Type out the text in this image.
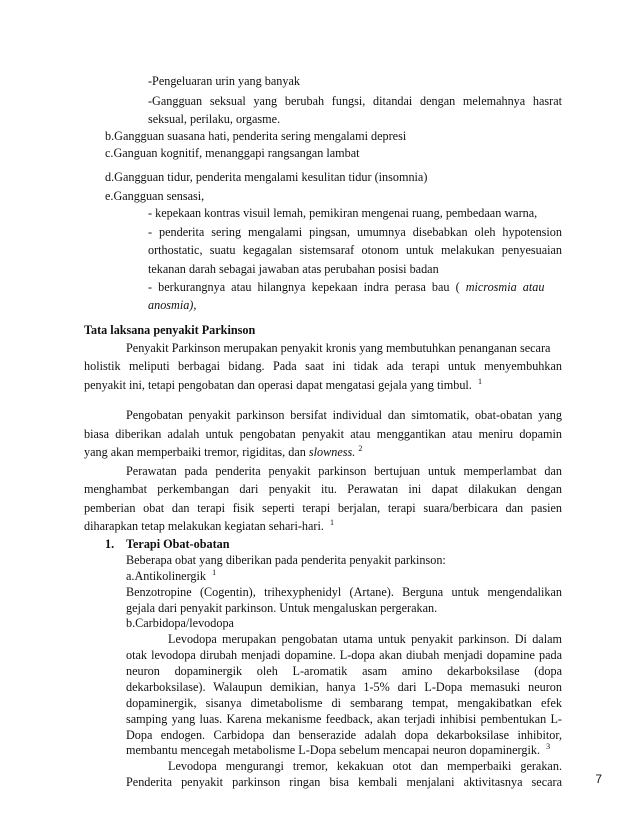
-Pengeluaran urin yang banyak
-Gangguan seksual yang berubah fungsi, ditandai dengan melemahnya hasrat
seksual, perilaku, orgasme.
b.Gangguan suasana hati, penderita sering mengalami depresi
c.Ganguan kognitif, menanggapi rangsangan lambat
d.Gangguan tidur, penderita mengalami kesulitan tidur (insomnia)
e.Gangguan sensasi,
- kepekaan kontras visuil lemah, pemikiran mengenai ruang, pembedaan warna,
- penderita sering mengalami pingsan, umumnya disebabkan oleh hypotension
orthostatic, suatu kegagalan sistemsaraf otonom untuk melakukan penyesuaian
tekanan darah sebagai jawaban atas perubahan posisi badan
- berkurangnya atau hilangnya kepekaan indra perasa bau ( microsmia atau
anosmia),
Tata laksana penyakit Parkinson
Penyakit Parkinson merupakan penyakit kronis yang membutuhkan penanganan secara
holistik meliputi berbagai bidang. Pada saat ini tidak ada terapi untuk menyembuhkan
penyakit ini, tetapi pengobatan dan operasi dapat mengatasi gejala yang timbul. $^1$
Pengobatan penyakit parkinson bersifat individual dan simtomatik, obat-obatan yang
biasa diberikan adalah untuk pengobatan penyakit atau menggantikan atau meniru dopamin
yang akan memperbaiki tremor, rigiditas, dan slowness. $^2$
Perawatan pada penderita penyakit parkinson bertujuan untuk memperlambat dan
menghambat perkembangan dari penyakit itu. Perawatan ini dapat dilakukan dengan
pemberian obat dan terapi fisik seperti terapi berjalan, terapi suara/berbicara dan pasien
diharapkan tetap melakukan kegiatan sehari-hari. $^1$
1. Terapi Obat-obatan
Beberapa obat yang diberikan pada penderita penyakit parkinson:
a.Antikolinergik $^1$
Benzotropine (Cogentin), trihexyphenidyl (Artane). Berguna untuk mengendalikan
gejala dari penyakit parkinson. Untuk mengaluskan pergerakan.
b.Carbidopa/levodopa
Levodopa merupakan pengobatan utama untuk penyakit parkinson. Di dalam
otak levodopa dirubah menjadi dopamine. L-dopa akan diubah menjadi dopamine pada
neuron dopaminergik oleh L-aromatik asam amino dekarboksilase (dopa
dekarboksilase). Walaupun demikian, hanya 1-5% dari L-Dopa memasuki neuron
dopaminergik, sisanya dimetabolisme di sembarang tempat, mengakibatkan efek
samping yang luas. Karena mekanisme feedback, akan terjadi inhibisi pembentukan L-
Dopa endogen. Carbidopa dan benserazide adalah dopa dekarboksilase inhibitor,
membantu mencegah metabolisme L-Dopa sebelum mencapai neuron dopaminergik. $^3$
Levodopa mengurangi tremor, kekakuan otot dan memperbaiki gerakan.
Penderita penyakit parkinson ringan bisa kembali menjalani aktivitasnya secara	7
